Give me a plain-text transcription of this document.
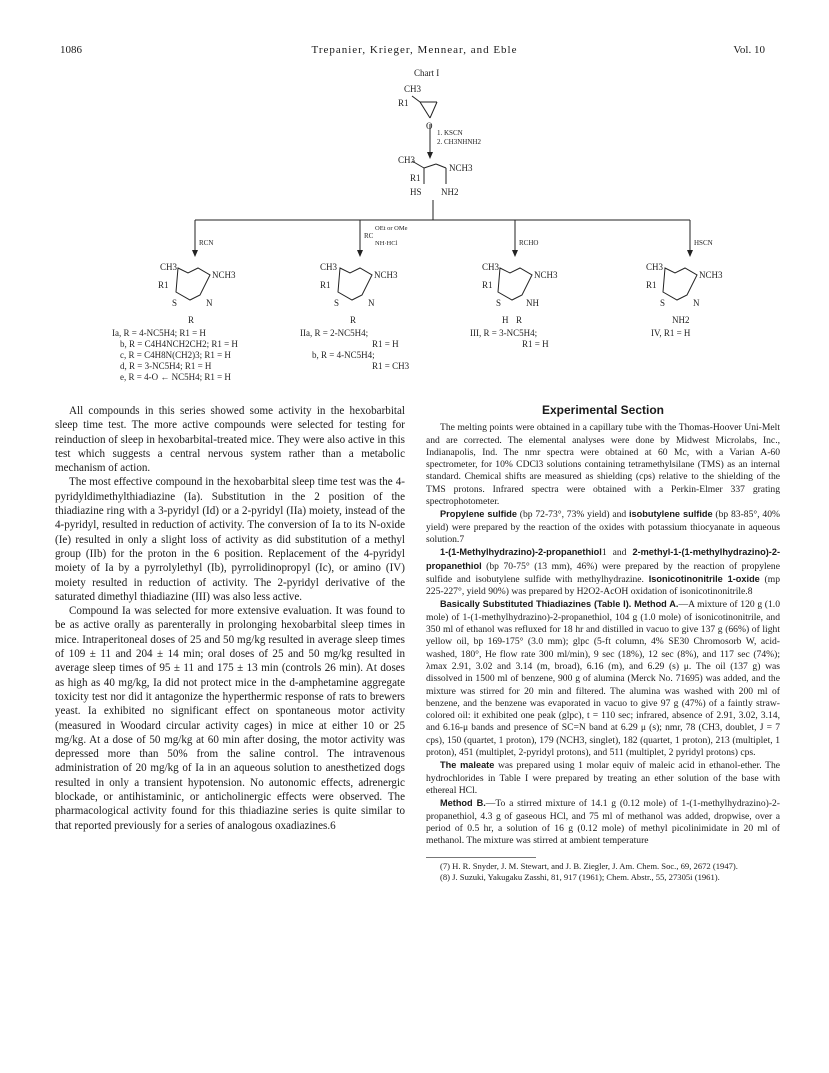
1086	Trepanier, Krieger, Mennear, and Eble	Vol. 10
Chart I
CH3
R1
O
1. KSCN
2. CH3NHNH2
CH3
NCH3
R1
HS NH2
RCN
OEt or OMe
RC
NH·HCl	RCHO	HSCN
CH3
NCH3
R1
S	N
R
CH3
NCH3
R1
S	N
R
CH3
NCH3
R1
S	NH
H R
CH3
NCH3
R1
S	N
NH2
Ia, R = 4-NC5H4; R1 = H
b, R = C4H4NCH2CH2; R1 = H
c, R = C4H8N(CH2)3; R1 = H
d, R = 3-NC5H4; R1 = H
e, R = 4-O ← NC5H4; R1 = H
IIa, R = 2-NC5H4;
R1 = H
b, R = 4-NC5H4;
R1 = CH3
III, R = 3-NC5H4;
R1 = H
IV, R1 = H

All compounds in this series showed some activity in the hexobarbital sleep time test. The more active compounds were selected for testing for reinduction of sleep in hexobarbital-treated mice. They were also active in this test which suggests a central nervous system rather than a metabolic mechanism of action.

The most effective compound in the hexobarbital sleep time test was the 4-pyridyldimethylthiadiazine (Ia). Substitution in the 2 position of the thiadiazine ring with a 3-pyridyl (Id) or a 2-pyridyl (IIa) moiety, instead of the 4-pyridyl, resulted in reduction of activity. The conversion of Ia to its N-oxide (Ie) resulted in only a slight loss of activity as did substitution of a methyl group (IIb) for the proton in the 6 position. Replacement of the 4-pyridyl moiety of Ia by a pyrrolylethyl (Ib), pyrrolidinopropyl (Ic), or amino (IV) moiety resulted in reduction of activity. The 2-pyridyl derivative of the saturated dimethyl thiadiazine (III) was also less active.

Compound Ia was selected for more extensive evaluation. It was found to be as active orally as parenterally in prolonging hexobarbital sleep times in mice. Intraperitoneal doses of 25 and 50 mg/kg resulted in average sleep times of 109 ± 11 and 204 ± 14 min; oral doses of 25 and 50 mg/kg resulted in average sleep times of 95 ± 11 and 175 ± 13 min (controls 26 min). At doses as high as 40 mg/kg, Ia did not protect mice in the d-amphetamine aggregate toxicity test nor did it antagonize the hyperthermic response of rats to brewers yeast. Ia exhibited no significant effect on spontaneous motor activity (measured in Woodard circular activity cages) in mice at either 10 or 25 mg/kg. At a dose of 50 mg/kg at 60 min after dosing, the motor activity was depressed more than 50% from the saline control. The intravenous administration of 20 mg/kg of Ia in an aqueous solution to anesthetized dogs resulted in only a transient hypotension. No autonomic effects, adrenergic blockade, or antihistaminic, or anticholinergic effects were observed. The pharmacological activity found for this thiadiazine series is quite similar to that reported previously for a series of analogous oxadiazines.6

Experimental Section

The melting points were obtained in a capillary tube with the Thomas-Hoover Uni-Melt and are corrected. The elemental analyses were done by Midwest Microlabs, Inc., Indianapolis, Ind. The nmr spectra were obtained at 60 Mc, with a Varian A-60 spectrometer, for 10% CDCl3 solutions containing tetramethylsilane (TMS) as an internal standard. Chemical shifts are measured as shielding (cps) relative to the shielding of the TMS protons. Infrared spectra were obtained with a Perkin-Elmer 337 grating spectrophotometer.

Propylene sulfide (bp 72-73°, 73% yield) and isobutylene sulfide (bp 83-85°, 40% yield) were prepared by the reaction of the oxides with potassium thiocyanate in aqueous solution.7

1-(1-Methylhydrazino)-2-propanethiol1 and 2-methyl-1-(1-methylhydrazino)-2-propanethiol (bp 70-75° (13 mm), 46%) were prepared by the reaction of propylene sulfide and isobutylene sulfide with methylhydrazine. Isonicotinonitrile 1-oxide (mp 225-227°, yield 90%) was prepared by H2O2-AcOH oxidation of isonicotinonitrile.8

Basically Substituted Thiadiazines (Table I). Method A.—A mixture of 120 g (1.0 mole) of 1-(1-methylhydrazino)-2-propanethiol, 104 g (1.0 mole) of isonicotinonitrile, and 350 ml of ethanol was refluxed for 18 hr and distilled in vacuo to give 137 g (66%) of light yellow oil, bp 169-175° (3.0 mm); glpc (5-ft column, 4% SE30 Chromosorb W, acid-washed, 180°, He flow rate 300 ml/min), 9 sec (18%), 12 sec (8%), and 117 sec (74%); λmax 2.91, 3.02 and 3.14 (m, broad), 6.16 (m), and 6.29 (s) μ. The oil (137 g) was dissolved in 1500 ml of benzene, 900 g of alumina (Merck No. 71695) was added, and the mixture was stirred for 20 min and filtered. The alumina was washed with 200 ml of benzene, and the benzene was evaporated in vacuo to give 97 g (47%) of a faintly straw-colored oil: it exhibited one peak (glpc), t = 110 sec; infrared, absence of 2.91, 3.02, 3.14, and 6.16-μ bands and presence of SC=N band at 6.29 μ (s); nmr, 78 (CH3, doublet, J = 7 cps), 150 (quartet, 1 proton), 179 (NCH3, singlet), 182 (quartet, 1 proton), 213 (multiplet, 1 proton), 451 (multiplet, 2-pyridyl protons), and 511 (multiplet, 2 pyridyl protons) cps.

The maleate was prepared using 1 molar equiv of maleic acid in ethanol-ether. The hydrochlorides in Table I were prepared by treating an ether solution of the base with ethereal HCl.

Method B.—To a stirred mixture of 14.1 g (0.12 mole) of 1-(1-methylhydrazino)-2-propanethiol, 4.3 g of gaseous HCl, and 75 ml of methanol was added, dropwise, over a period of 0.5 hr, a solution of 16 g (0.12 mole) of methyl picolinimidate in 20 ml of methanol. The mixture was stirred at ambient temperature

(7) H. R. Snyder, J. M. Stewart, and J. B. Ziegler, J. Am. Chem. Soc., 69, 2672 (1947).

(8) J. Suzuki, Yakugaku Zasshi, 81, 917 (1961); Chem. Abstr., 55, 27305i (1961).
